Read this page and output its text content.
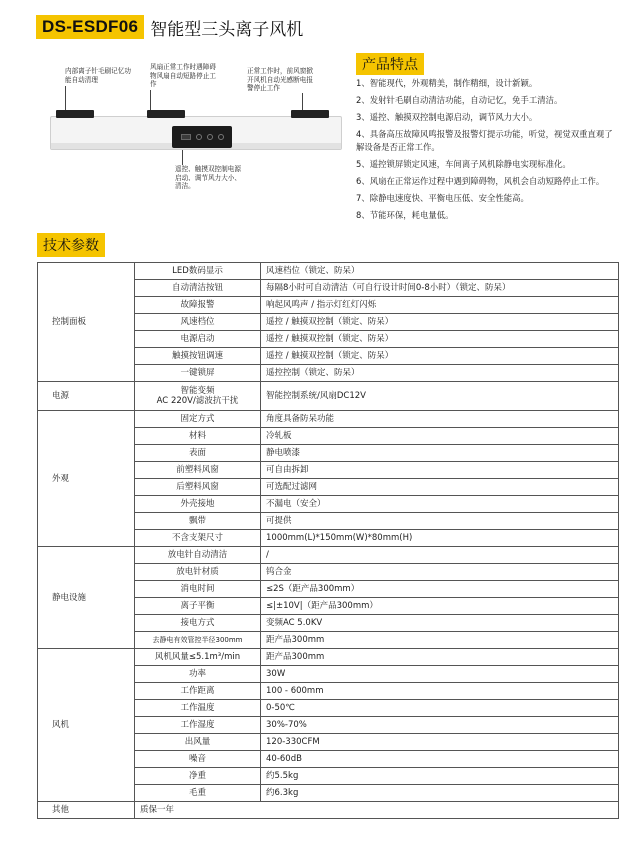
DS-ESDF06 智能型三头离子风机
内部离子针毛刷记忆功能自动清理
风扇正常工作时遇障碍物风扇自动短路停止工作
正常工作时，前风窗掀开风机自动光感断电报警停止工作
遥控、触摸双控制电源启动、调节风力大小、清洁。
产品特点
1、智能现代，外观精美，制作精细，设计新颖。
2、发射针毛刷自动清洁功能，自动记忆，免手工清洁。
3、遥控、触摸双控制电源启动，调节风力大小。
4、具备高压故障风鸣报警及报警灯提示功能，听觉，视觉双重直观了解设备是否正常工作。
5、遥控锁屏锁定风速，车间离子风机除静电实现标准化。
6、风扇在正常运作过程中遇到障碍物，风机会自动短路停止工作。
7、除静电速度快、平衡电压低、安全性能高。
8、节能环保，耗电量低。
技术参数
控制面板	LED数码显示	风速档位（锁定、防呆）
	自动清洁按钮	每隔8小时可自动清洁（可自行设计时间0-8小时）（锁定、防呆）
	故障报警	响起风鸣声 / 指示灯红灯闪烁
	风速档位	遥控 / 触摸双控制（锁定、防呆）
	电源启动	遥控 / 触摸双控制（锁定、防呆）
	触摸按钮调速	遥控 / 触摸双控制（锁定、防呆）
	一键锁屏	遥控控制（锁定、防呆）
电源	智能变频
AC 220V/滤波抗干扰	智能控制系统/风扇DC12V
外观	固定方式	角度具备防呆功能
	材料	冷轧板
	表面	静电喷漆
	前塑料风窗	可自由拆卸
	后塑料风窗	可选配过滤网
	外壳接地	不漏电（安全）
	飘带	可提供
	不含支架尺寸	1000mm(L)*150mm(W)*80mm(H)
静电设施	放电针自动清洁	/
	放电针材质	钨合金
	消电时间	≤2S（距产品300mm）
	离子平衡	≤|±10V|（距产品300mm）
	接电方式	变频AC 5.0KV
	去静电有效管控半径300mm	距产品300mm
风机	风机风量≤5.1m³/min	距产品300mm
	功率	30W
	工作距离	100 - 600mm
	工作温度	0-50℃
	工作湿度	30%-70%
	出风量	120-330CFM
	噪音	40-60dB
	净重	约5.5kg
	毛重	约6.3kg
其他	质保一年	
